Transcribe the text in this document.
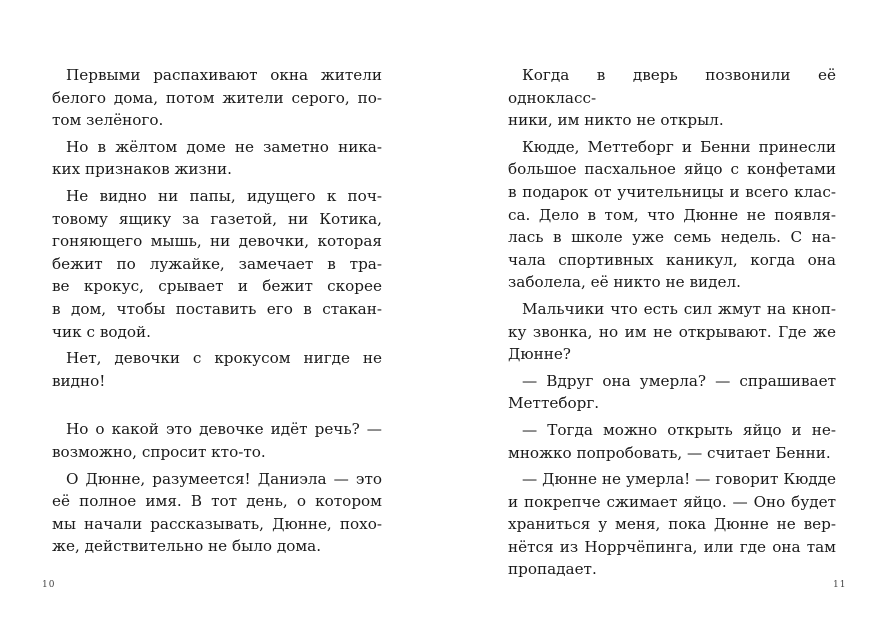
Первыми распахивают окна жители
белого дома, потом жители серого, по-
том зелёного.

Но в жёлтом доме не заметно ника-
ких признаков жизни.

Не видно ни папы, идущего к поч-
товому ящику за газетой, ни Котика,
гоняющего мышь, ни девочки, которая
бежит по лужайке, замечает в тра-
ве крокус, срывает и бежит скорее
в дом, чтобы поставить его в стакан-
чик с водой.

Нет, девочки с крокусом нигде не
видно!

Но о какой это девочке идёт речь? —
возможно, спросит кто-то.

О Дюнне, разумеется! Даниэла — это
её полное имя. В тот день, о котором
мы начали рассказывать, Дюнне, похо-
же, действительно не было дома.

Когда в дверь позвонили её однокласс-
ники, им никто не открыл.

Кюдде, Меттеборг и Бенни принесли
большое пасхальное яйцо с конфетами
в подарок от учительницы и всего клас-
са. Дело в том, что Дюнне не появля-
лась в школе уже семь недель. С на-
чала спортивных каникул, когда она
заболела, её никто не видел.

Мальчики что есть сил жмут на кноп-
ку звонка, но им не открывают. Где же
Дюнне?

— Вдруг она умерла? — спрашивает
Меттеборг.

— Тогда можно открыть яйцо и не-
множко попробовать, — считает Бенни.

— Дюнне не умерла! — говорит Кюдде
и покрепче сжимает яйцо. — Оно будет
храниться у меня, пока Дюнне не вер-
нётся из Норрчёпинга, или где она там
пропадает.

10	11
